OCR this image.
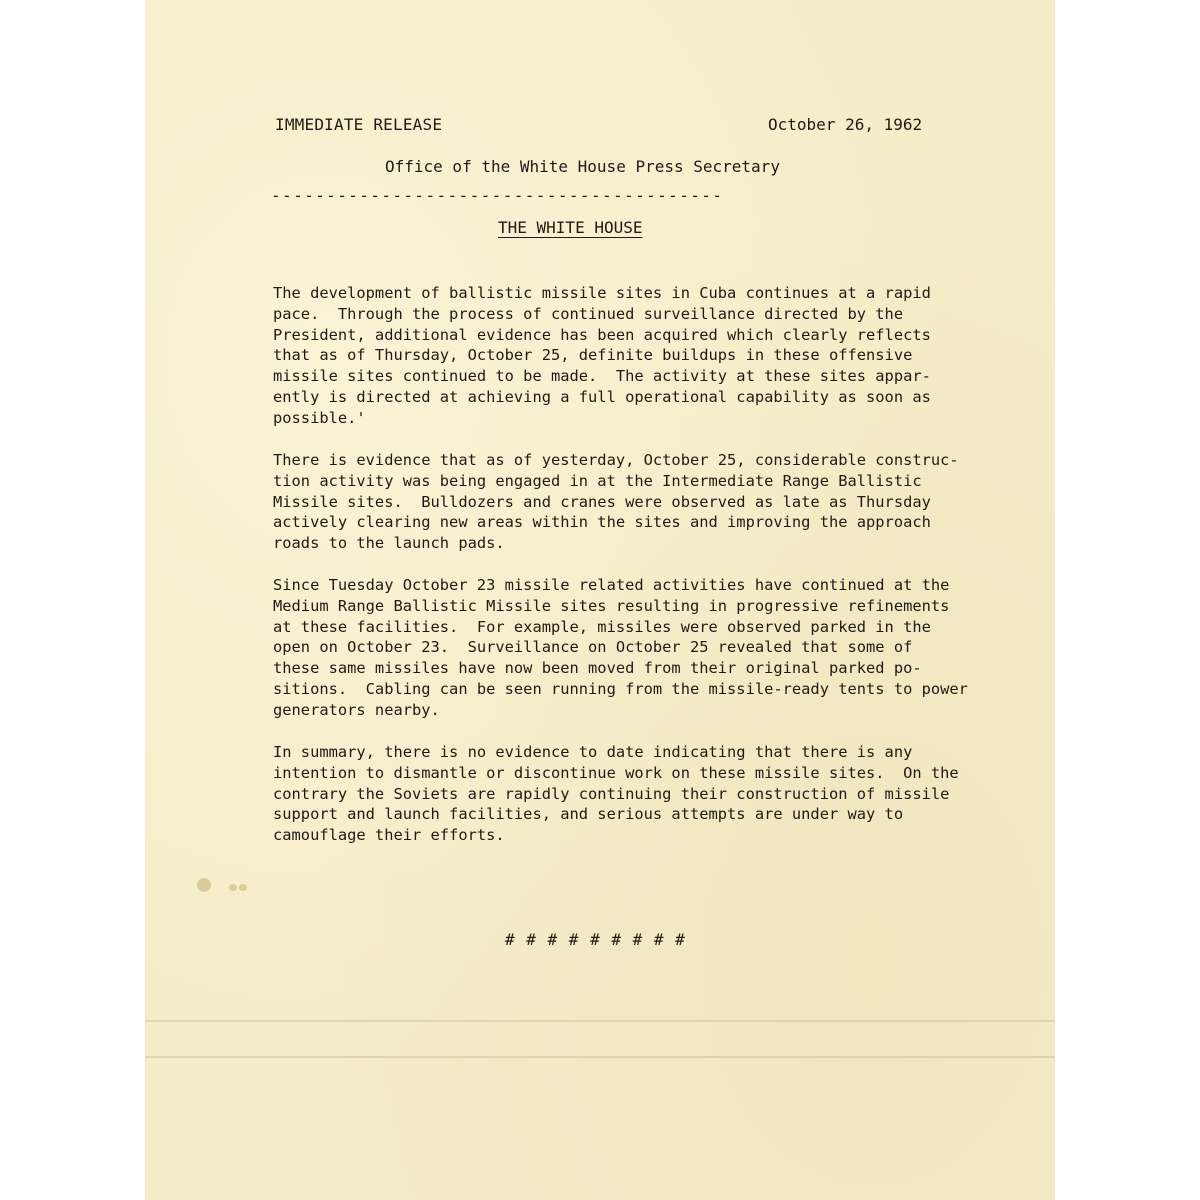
IMMEDIATE RELEASE	October 26, 1962
Office of the White House Press Secretary
-----------------------------------------
THE WHITE HOUSE
The development of ballistic missile sites in Cuba continues at a rapid
pace.  Through the process of continued surveillance directed by the
President, additional evidence has been acquired which clearly reflects
that as of Thursday, October 25, definite buildups in these offensive
missile sites continued to be made.  The activity at these sites appar-
ently is directed at achieving a full operational capability as soon as
possible.'
There is evidence that as of yesterday, October 25, considerable construc-
tion activity was being engaged in at the Intermediate Range Ballistic
Missile sites.  Bulldozers and cranes were observed as late as Thursday
actively clearing new areas within the sites and improving the approach
roads to the launch pads.
Since Tuesday October 23 missile related activities have continued at the
Medium Range Ballistic Missile sites resulting in progressive refinements
at these facilities.  For example, missiles were observed parked in the
open on October 23.  Surveillance on October 25 revealed that some of
these same missiles have now been moved from their original parked po-
sitions.  Cabling can be seen running from the missile-ready tents to power
generators nearby.
In summary, there is no evidence to date indicating that there is any
intention to dismantle or discontinue work on these missile sites.  On the
contrary the Soviets are rapidly continuing their construction of missile
support and launch facilities, and serious attempts are under way to
camouflage their efforts.
# # # # # # # # #
